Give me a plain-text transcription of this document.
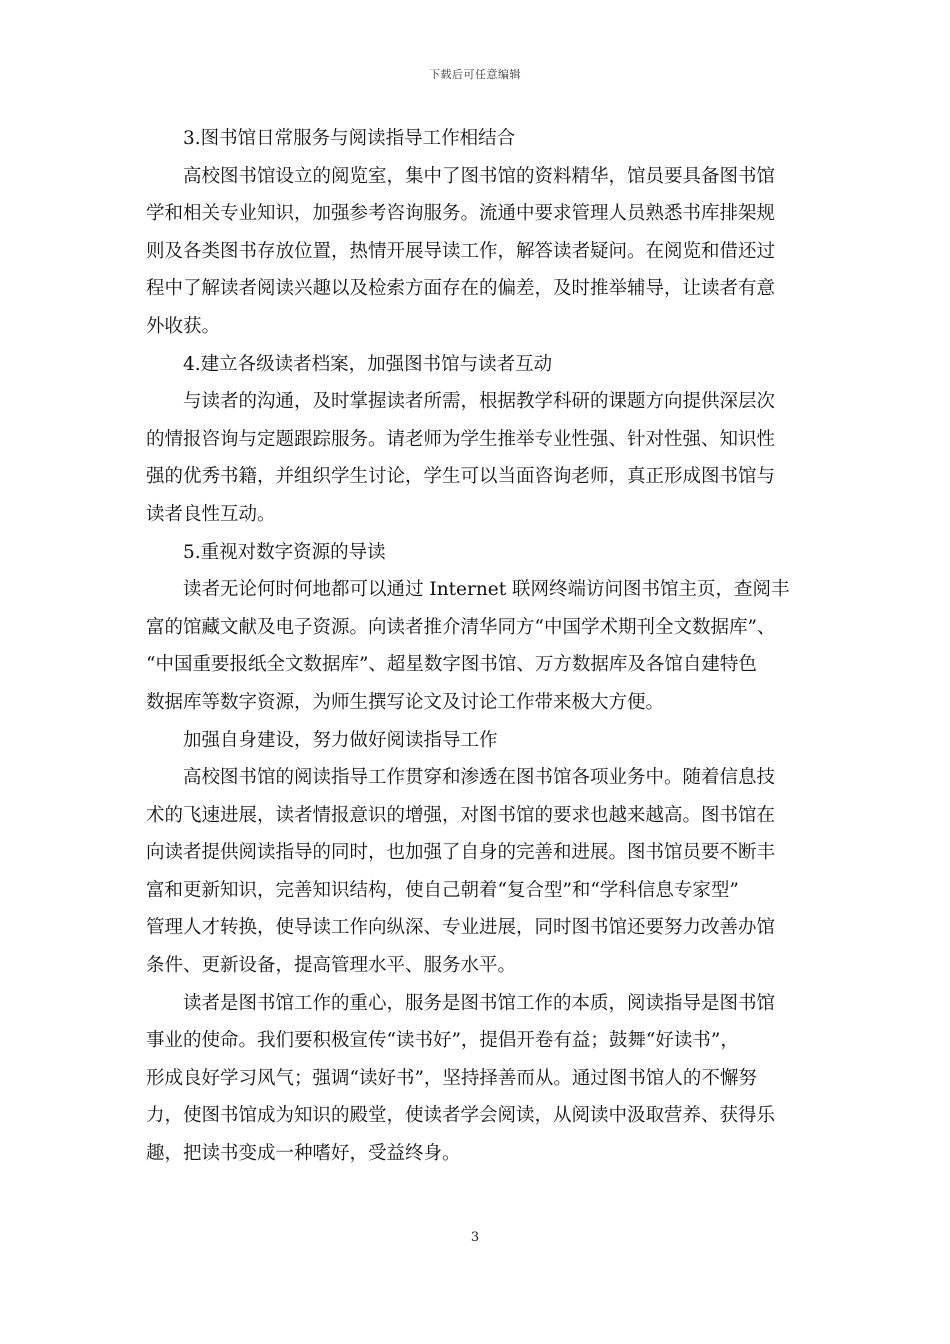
下载后可任意编辑
3.图书馆日常服务与阅读指导工作相结合
高校图书馆设立的阅览室，集中了图书馆的资料精华，馆员要具备图书馆
学和相关专业知识，加强参考咨询服务。流通中要求管理人员熟悉书库排架规
则及各类图书存放位置，热情开展导读工作，解答读者疑问。在阅览和借还过
程中了解读者阅读兴趣以及检索方面存在的偏差，及时推举辅导，让读者有意
外收获。
4.建立各级读者档案，加强图书馆与读者互动
与读者的沟通，及时掌握读者所需，根据教学科研的课题方向提供深层次
的情报咨询与定题跟踪服务。请老师为学生推举专业性强、针对性强、知识性
强的优秀书籍，并组织学生讨论，学生可以当面咨询老师，真正形成图书馆与
读者良性互动。
5.重视对数字资源的导读
读者无论何时何地都可以通过 Internet 联网终端访问图书馆主页，查阅丰
富的馆藏文献及电子资源。向读者推介清华同方“中国学术期刊全文数据库”、
“中国重要报纸全文数据库”、超星数字图书馆、万方数据库及各馆自建特色
数据库等数字资源，为师生撰写论文及讨论工作带来极大方便。
加强自身建设，努力做好阅读指导工作
高校图书馆的阅读指导工作贯穿和渗透在图书馆各项业务中。随着信息技
术的飞速进展，读者情报意识的增强，对图书馆的要求也越来越高。图书馆在
向读者提供阅读指导的同时，也加强了自身的完善和进展。图书馆员要不断丰
富和更新知识，完善知识结构，使自己朝着“复合型”和“学科信息专家型”
管理人才转换，使导读工作向纵深、专业进展，同时图书馆还要努力改善办馆
条件、更新设备，提高管理水平、服务水平。
读者是图书馆工作的重心，服务是图书馆工作的本质，阅读指导是图书馆
事业的使命。我们要积极宣传“读书好”，提倡开卷有益；鼓舞“好读书”，
形成良好学习风气；强调“读好书”，坚持择善而从。通过图书馆人的不懈努
力，使图书馆成为知识的殿堂，使读者学会阅读，从阅读中汲取营养、获得乐
趣，把读书变成一种嗜好，受益终身。
3
